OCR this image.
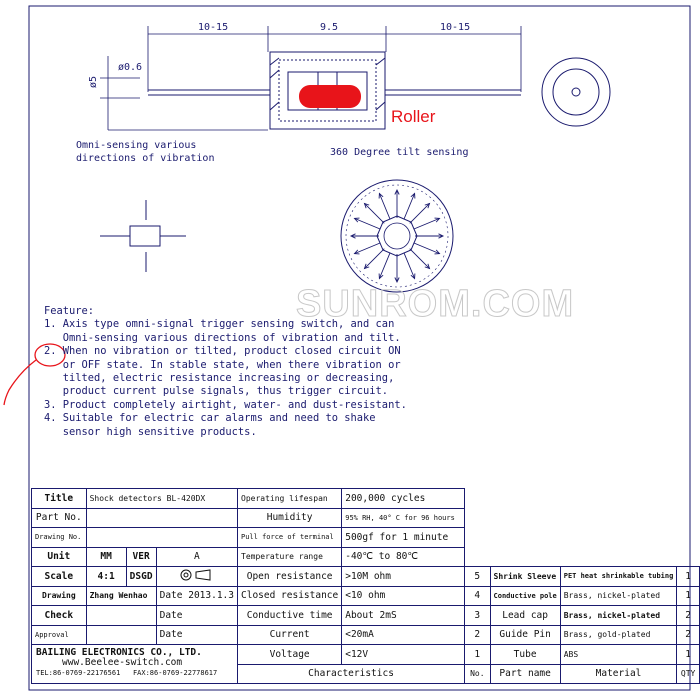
10-15	9.5	10-15
ø0.6
ø5
Roller
Omni-sensing various
directions of vibration
360 Degree tilt sensing
SUNROM.COM
Feature:
1. Axis type omni-signal trigger sensing switch, and can
Omni-sensing various directions of vibration and tilt.
2. When no vibration or tilted, product closed circuit ON
or OFF state. In stable state, when there vibration or
tilted, electric resistance increasing or decreasing,
product current pulse signals, thus trigger circuit.
3. Product completely airtight, water- and dust-resistant.
4. Suitable for electric car alarms and need to shake
sensor high sensitive products.
Title	Shock detectors BL-420DX			Operating lifespan	200,000 cycles				
Part No.				Humidity	95% RH, 40° C for 96 hours				
Drawing No.				Pull force of terminal	500gf for 1 minute				
Unit	MM	VER	A	Temperature range	-40℃ to 80℃				
Scale	4:1	DSGD		Open resistance	>10M ohm	5	Shrink Sleeve	PET heat shrinkable tubing	1
Drawing	Zhang Wenhao		Date 2013.1.3	Closed resistance	<10 ohm	4	Conductive pole	Brass, nickel-plated	1
Check			Date	Conductive time	About 2mS	3	Lead cap	Brass, nickel-plated	2
Approval			Date	Current	<20mA	2	Guide Pin	Brass, gold-plated	2
				Voltage	<12V	1	Tube	ABS	1
				Characteristics		No.	Part name	Material	QTY
BAILING ELECTRONICS CO., LTD.
www.Beelee-switch.com
TEL:86-0769-22176561 FAX:86-0769-22778617
